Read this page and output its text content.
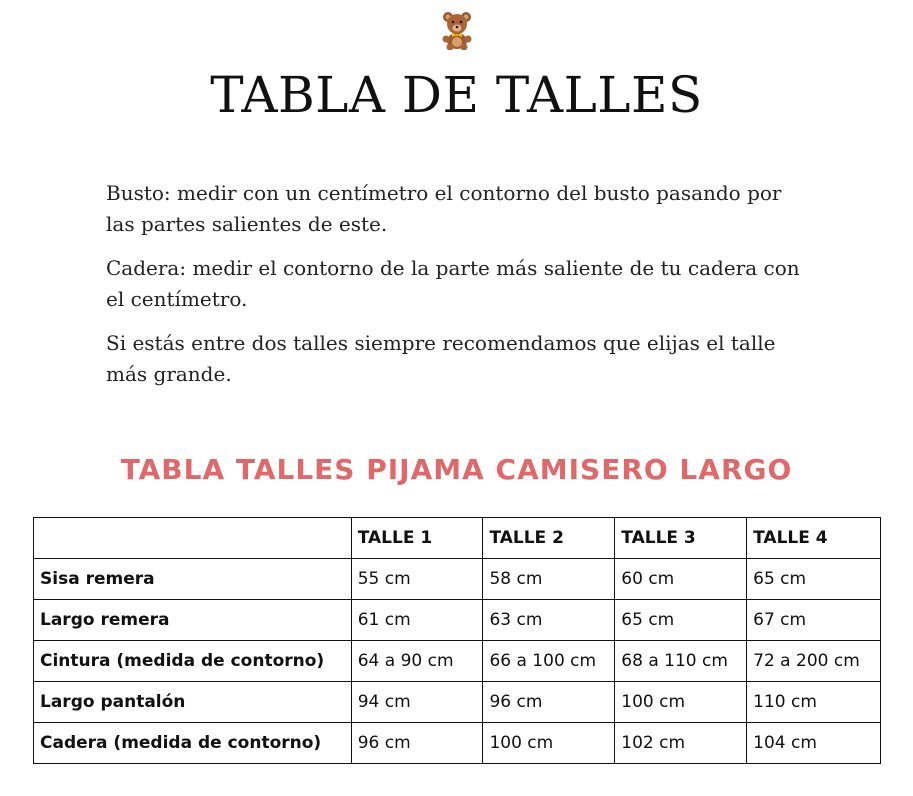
TABLA DE TALLES

Busto: medir con un centímetro el contorno del busto pasando por las partes salientes de este.

Cadera: medir el contorno de la parte más saliente de tu cadera con el centímetro.

Si estás entre dos talles siempre recomendamos que elijas el talle más grande.

TABLA TALLES PIJAMA CAMISERO LARGO
	TALLE 1	TALLE 2	TALLE 3	TALLE 4
Sisa remera	55 cm	58 cm	60 cm	65 cm
Largo remera	61 cm	63 cm	65 cm	67 cm
Cintura (medida de contorno)	64 a 90 cm	66 a 100 cm	68 a 110 cm	72 a 200 cm
Largo pantalón	94 cm	96 cm	100 cm	110 cm
Cadera (medida de contorno)	96 cm	100 cm	102 cm	104 cm
